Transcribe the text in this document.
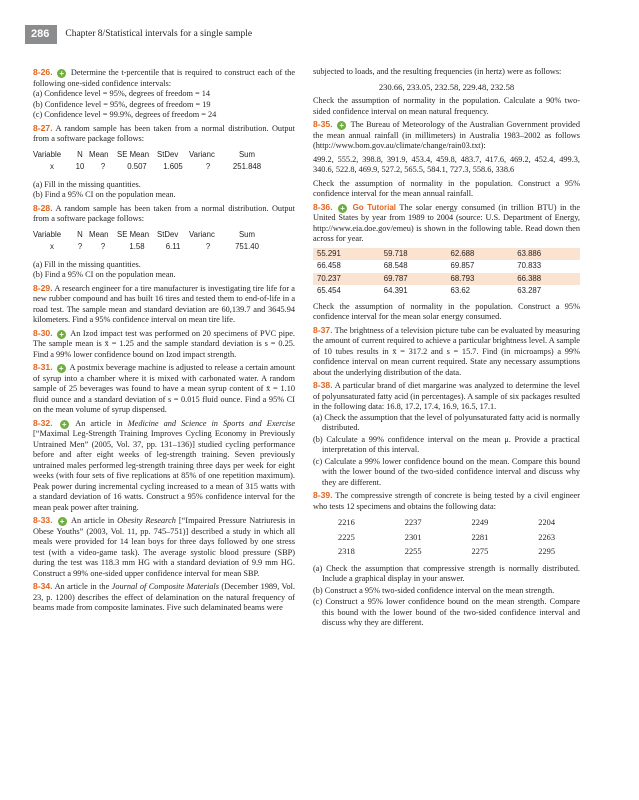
286	Chapter 8/Statistical intervals for a single sample
8-26. + Determine the t-percentile that is required to construct each of the following one-sided confidence intervals:
(a) Confidence level = 95%, degrees of freedom = 14
(b) Confidence level = 95%, degrees of freedom = 19
(c) Confidence level = 99.9%, degrees of freedom = 24
8-27. A random sample has been taken from a normal distribution. Output from a software package follows:
Variable	N	Mean	SE Mean	StDev	Varianc	Sum
x	10	?	0.507	1.605	?	251.848
(a) Fill in the missing quantities.
(b) Find a 95% CI on the population mean.
8-28. A random sample has been taken from a normal distribution. Output from a software package follows:
Variable	N	Mean	SE Mean	StDev	Varianc	Sum
x	?	?	1.58	6.11	?	751.40
(a) Fill in the missing quantities.
(b) Find a 95% CI on the population mean.
8-29. A research engineer for a tire manufacturer is investigating tire life for a new rubber compound and has built 16 tires and tested them to end-of-life in a road test. The sample mean and standard deviation are 60,139.7 and 3645.94 kilometers. Find a 95% confidence interval on mean tire life.
8-30. + An Izod impact test was performed on 20 specimens of PVC pipe. The sample mean is x̄ = 1.25 and the sample standard deviation is s = 0.25. Find a 99% lower confidence bound on Izod impact strength.
8-31. + A postmix beverage machine is adjusted to release a certain amount of syrup into a chamber where it is mixed with carbonated water. A random sample of 25 beverages was found to have a mean syrup content of x̄ = 1.10 fluid ounce and a standard deviation of s = 0.015 fluid ounce. Find a 95% CI on the mean volume of syrup dispensed.
8-32. + An article in Medicine and Science in Sports and Exercise [“Maximal Leg-Strength Training Improves Cycling Economy in Previously Untrained Men” (2005, Vol. 37, pp. 131–136)] studied cycling performance before and after eight weeks of leg-strength training. Seven previously untrained males performed leg-strength training three days per week for eight weeks (with four sets of five replications at 85% of one repetition maximum). Peak power during incremental cycling increased to a mean of 315 watts with a standard deviation of 16 watts. Construct a 95% confidence interval for the mean peak power after training.
8-33. + An article in Obesity Research [“Impaired Pressure Natriuresis in Obese Youths” (2003, Vol. 11, pp. 745–751)] described a study in which all meals were provided for 14 lean boys for three days followed by one stress test (with a video-game task). The average systolic blood pressure (SBP) during the test was 118.3 mm HG with a standard deviation of 9.9 mm HG. Construct a 99% one-sided upper confidence interval for mean SBP.
8-34. An article in the Journal of Composite Materials (December 1989, Vol. 23, p. 1200) describes the effect of delamination on the natural frequency of beams made from composite laminates. Five such delaminated beams were
subjected to loads, and the resulting frequencies (in hertz) were as follows:
230.66, 233.05, 232.58, 229.48, 232.58
Check the assumption of normality in the population. Calculate a 90% two-sided confidence interval on mean natural frequency.
8-35. + The Bureau of Meteorology of the Australian Government provided the mean annual rainfall (in millimeters) in Australia 1983–2002 as follows (http://www.bom.gov.au/climate/change/rain03.txt):
499.2, 555.2, 398.8, 391.9, 453.4, 459.8, 483.7, 417.6, 469.2, 452.4, 499.3, 340.6, 522.8, 469.9, 527.2, 565.5, 584.1, 727.3, 558.6, 338.6
Check the assumption of normality in the population. Construct a 95% confidence interval for the mean annual rainfall.
8-36. + Go Tutorial The solar energy consumed (in trillion BTU) in the United States by year from 1989 to 2004 (source: U.S. Department of Energy, http://www.eia.doe.gov/emeu) is shown in the following table. Read down then across for year.
55.291	59.718	62.688	63.886
66.458	68.548	69.857	70.833
70.237	69.787	68.793	66.388
65.454	64.391	63.62	63.287
Check the assumption of normality in the population. Construct a 95% confidence interval for the mean solar energy consumed.
8-37. The brightness of a television picture tube can be evaluated by measuring the amount of current required to achieve a particular brightness level. A sample of 10 tubes results in x̄ = 317.2 and s = 15.7. Find (in microamps) a 99% confidence interval on mean current required. State any necessary assumptions about the underlying distribution of the data.
8-38. A particular brand of diet margarine was analyzed to determine the level of polyunsaturated fatty acid (in percentages). A sample of six packages resulted in the following data: 16.8, 17.2, 17.4, 16.9, 16.5, 17.1.
(a) Check the assumption that the level of polyunsaturated fatty acid is normally distributed.
(b) Calculate a 99% confidence interval on the mean μ. Provide a practical interpretation of this interval.
(c) Calculate a 99% lower confidence bound on the mean. Compare this bound with the lower bound of the two-sided confidence interval and discuss why they are different.
8-39. The compressive strength of concrete is being tested by a civil engineer who tests 12 specimens and obtains the following data:
2216	2237	2249	2204
2225	2301	2281	2263
2318	2255	2275	2295
(a) Check the assumption that compressive strength is normally distributed. Include a graphical display in your answer.
(b) Construct a 95% two-sided confidence interval on the mean strength.
(c) Construct a 95% lower confidence bound on the mean strength. Compare this bound with the lower bound of the two-sided confidence interval and discuss why they are different.
